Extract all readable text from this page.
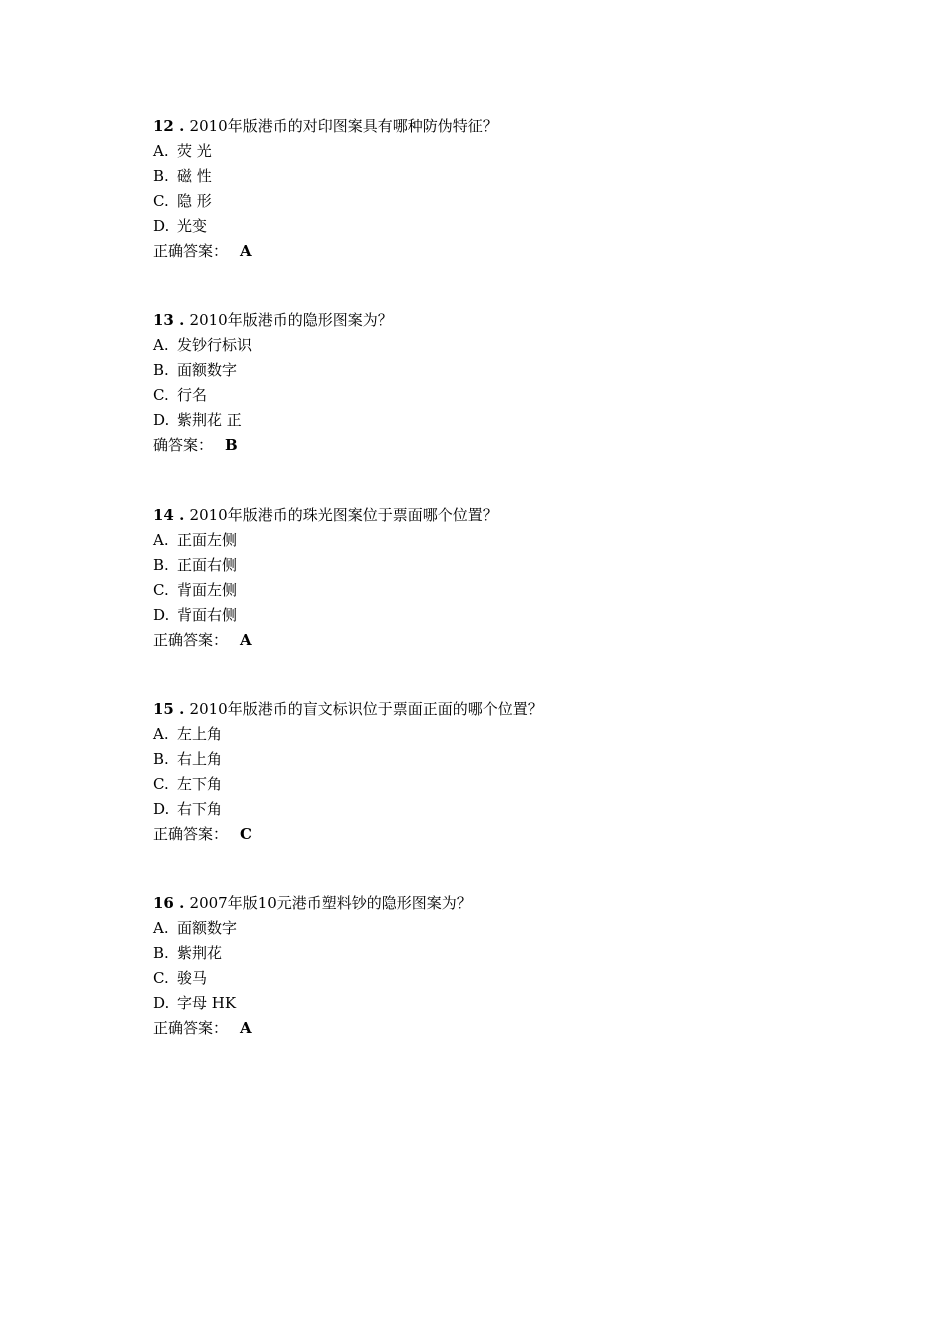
12 . 2010年版港币的对印图案具有哪种防伪特征？
A. 荧 光
B. 磁 性
C. 隐 形
D. 光变
正确答案： A
13 . 2010年版港币的隐形图案为？
A. 发钞行标识
B. 面额数字
C. 行名
D. 紫荆花 正
确答案： B
14 . 2010年版港币的珠光图案位于票面哪个位置？
A. 正面左侧
B. 正面右侧
C. 背面左侧
D. 背面右侧
正确答案： A
15 . 2010年版港币的盲文标识位于票面正面的哪个位置？
A. 左上角
B. 右上角
C. 左下角
D. 右下角
正确答案： C
16 . 2007年版10元港币塑料钞的隐形图案为？
A. 面额数字
B. 紫荆花
C. 骏马
D. 字母 HK
正确答案： A
